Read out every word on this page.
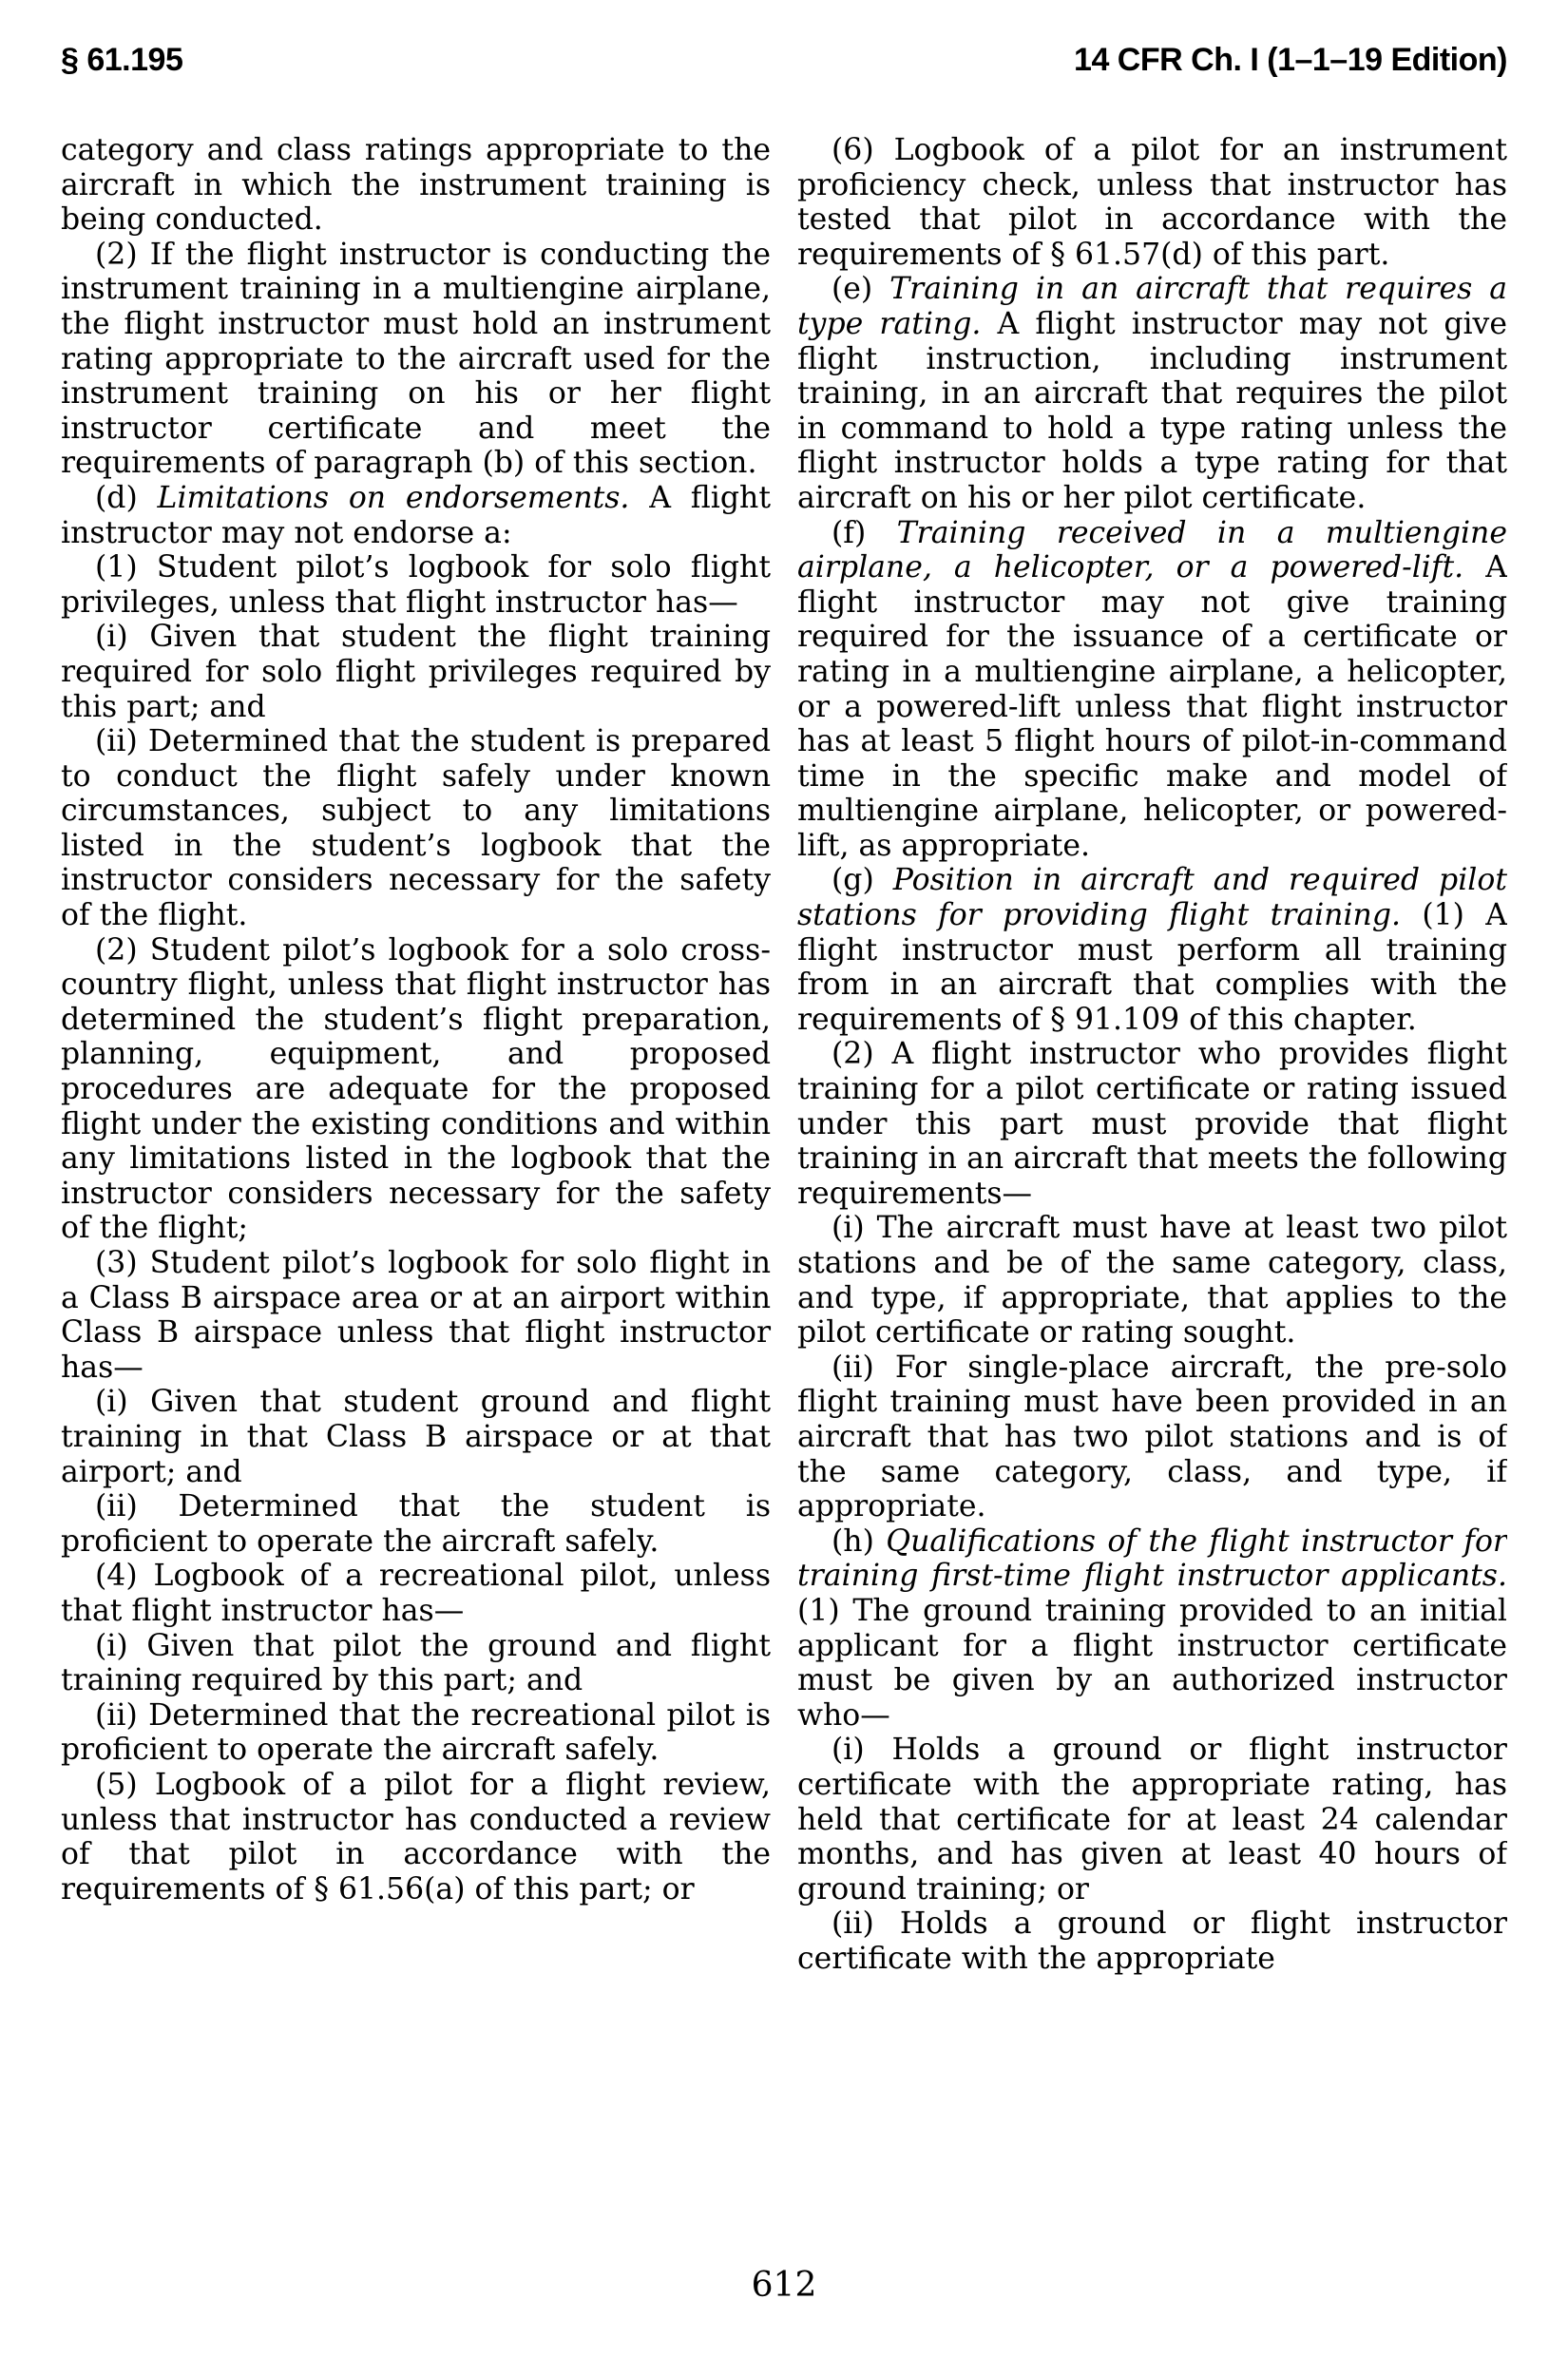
§ 61.195	14 CFR Ch. I (1–1–19 Edition)

category and class ratings appropriate to the aircraft in which the instrument training is being conducted.

(2) If the flight instructor is conducting the instrument training in a multiengine airplane, the flight instructor must hold an instrument rating appropriate to the aircraft used for the instrument training on his or her flight instructor certificate and meet the requirements of paragraph (b) of this section.

(d) Limitations on endorsements. A flight instructor may not endorse a:

(1) Student pilot’s logbook for solo flight privileges, unless that flight instructor has—

(i) Given that student the flight training required for solo flight privileges required by this part; and

(ii) Determined that the student is prepared to conduct the flight safely under known circumstances, subject to any limitations listed in the student’s logbook that the instructor considers necessary for the safety of the flight.

(2) Student pilot’s logbook for a solo cross-country flight, unless that flight instructor has determined the student’s flight preparation, planning, equipment, and proposed procedures are adequate for the proposed flight under the existing conditions and within any limitations listed in the logbook that the instructor considers necessary for the safety of the flight;

(3) Student pilot’s logbook for solo flight in a Class B airspace area or at an airport within Class B airspace unless that flight instructor has—

(i) Given that student ground and flight training in that Class B airspace or at that airport; and

(ii) Determined that the student is proficient to operate the aircraft safely.

(4) Logbook of a recreational pilot, unless that flight instructor has—

(i) Given that pilot the ground and flight training required by this part; and

(ii) Determined that the recreational pilot is proficient to operate the aircraft safely.

(5) Logbook of a pilot for a flight review, unless that instructor has conducted a review of that pilot in accordance with the requirements of § 61.56(a) of this part; or

(6) Logbook of a pilot for an instrument proficiency check, unless that instructor has tested that pilot in accordance with the requirements of § 61.57(d) of this part.

(e) Training in an aircraft that requires a type rating. A flight instructor may not give flight instruction, including instrument training, in an aircraft that requires the pilot in command to hold a type rating unless the flight instructor holds a type rating for that aircraft on his or her pilot certificate.

(f) Training received in a multiengine airplane, a helicopter, or a powered-lift. A flight instructor may not give training required for the issuance of a certificate or rating in a multiengine airplane, a helicopter, or a powered-lift unless that flight instructor has at least 5 flight hours of pilot-in-command time in the specific make and model of multiengine airplane, helicopter, or powered-lift, as appropriate.

(g) Position in aircraft and required pilot stations for providing flight training. (1) A flight instructor must perform all training from in an aircraft that complies with the requirements of § 91.109 of this chapter.

(2) A flight instructor who provides flight training for a pilot certificate or rating issued under this part must provide that flight training in an aircraft that meets the following requirements—

(i) The aircraft must have at least two pilot stations and be of the same category, class, and type, if appropriate, that applies to the pilot certificate or rating sought.

(ii) For single-place aircraft, the pre-solo flight training must have been provided in an aircraft that has two pilot stations and is of the same category, class, and type, if appropriate.

(h) Qualifications of the flight instructor for training first-time flight instructor applicants. (1) The ground training provided to an initial applicant for a flight instructor certificate must be given by an authorized instructor who—

(i) Holds a ground or flight instructor certificate with the appropriate rating, has held that certificate for at least 24 calendar months, and has given at least 40 hours of ground training; or

(ii) Holds a ground or flight instructor certificate with the appropriate

612
